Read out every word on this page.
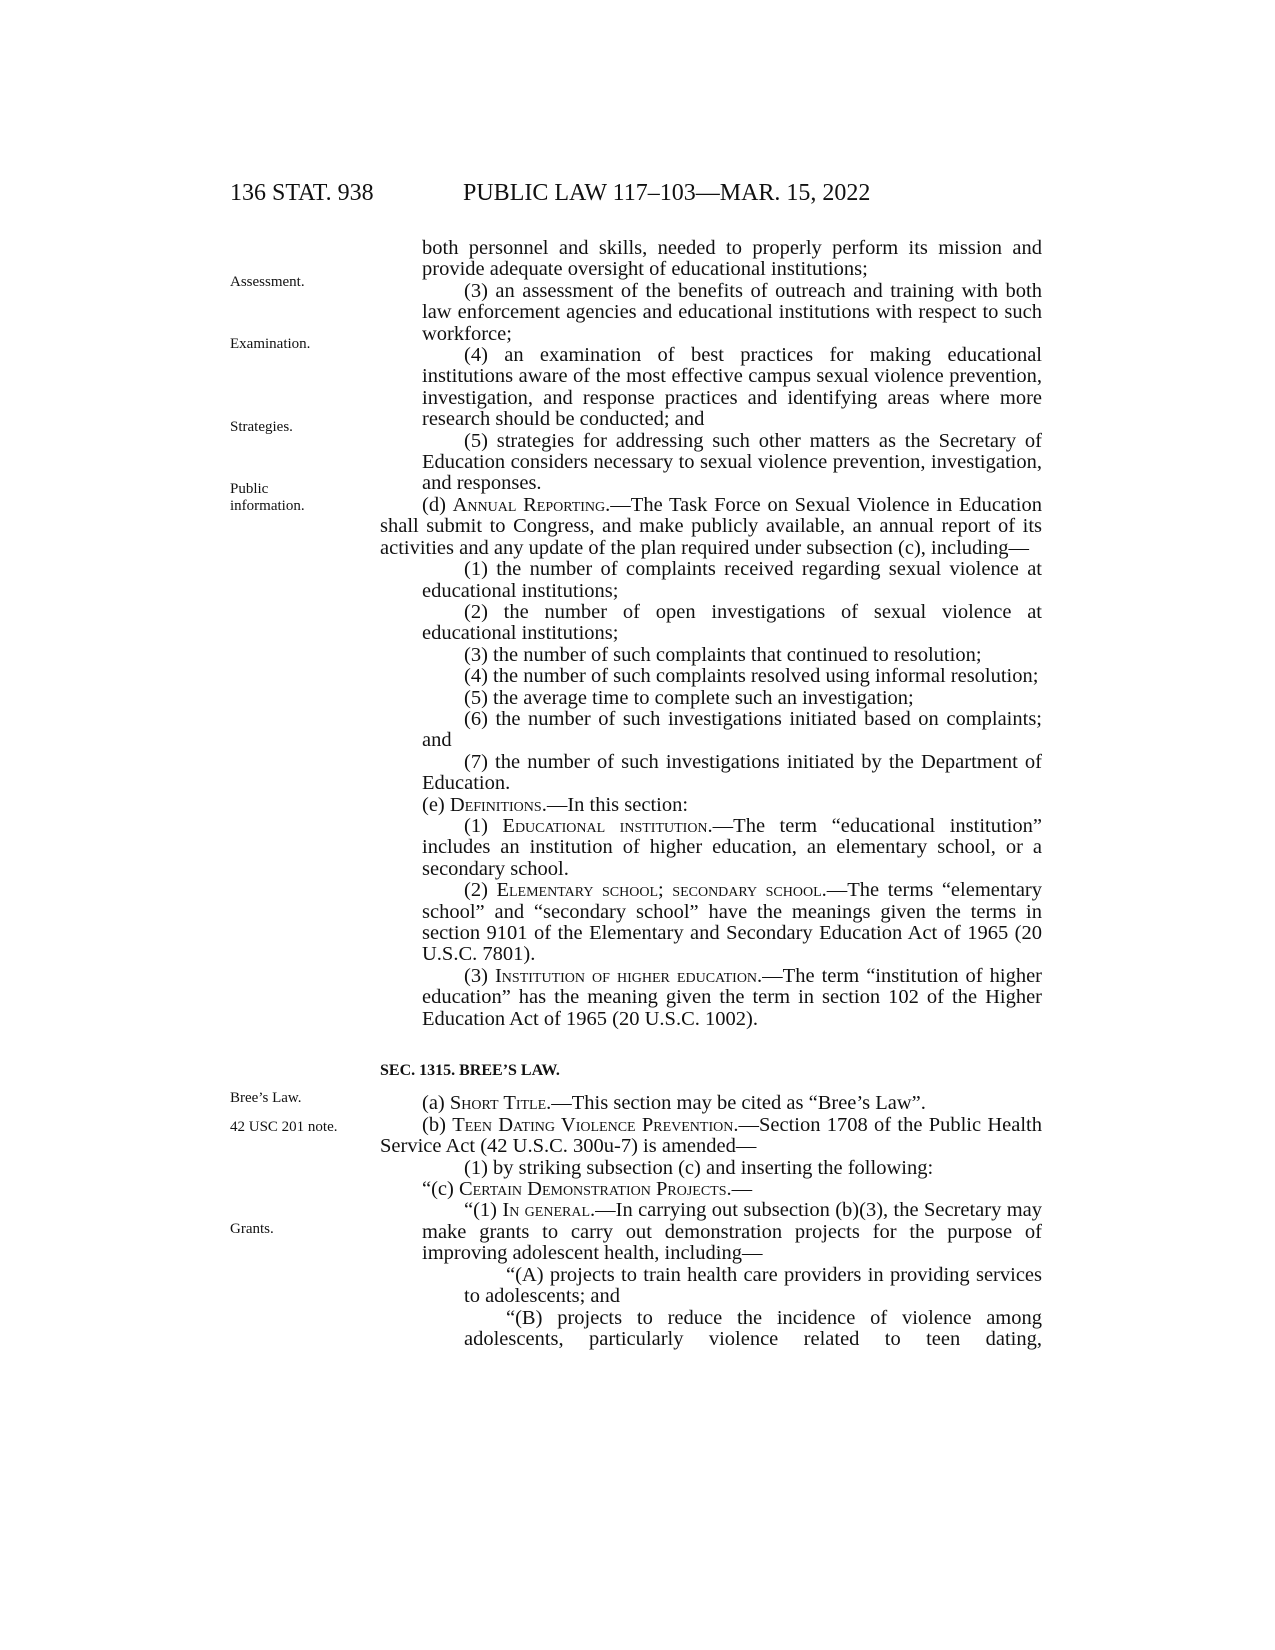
136 STAT. 938	PUBLIC LAW 117–103—MAR. 15, 2022
Assessment.
Examination.
Strategies.
Public information.
Bree’s Law.
42 USC 201 note.
Grants.
both personnel and skills, needed to properly perform its mission and provide adequate oversight of educational institutions;
(3) an assessment of the benefits of outreach and training with both law enforcement agencies and educational institutions with respect to such workforce;
(4) an examination of best practices for making educational institutions aware of the most effective campus sexual violence prevention, investigation, and response practices and identifying areas where more research should be conducted; and
(5) strategies for addressing such other matters as the Secretary of Education considers necessary to sexual violence prevention, investigation, and responses.
(d) Annual Reporting.—The Task Force on Sexual Violence in Education shall submit to Congress, and make publicly available, an annual report of its activities and any update of the plan required under subsection (c), including—
(1) the number of complaints received regarding sexual violence at educational institutions;
(2) the number of open investigations of sexual violence at educational institutions;
(3) the number of such complaints that continued to resolution;
(4) the number of such complaints resolved using informal resolution;
(5) the average time to complete such an investigation;
(6) the number of such investigations initiated based on complaints; and
(7) the number of such investigations initiated by the Department of Education.
(e) Definitions.—In this section:
(1) Educational institution.—The term “educational institution” includes an institution of higher education, an elementary school, or a secondary school.
(2) Elementary school; secondary school.—The terms “elementary school” and “secondary school” have the meanings given the terms in section 9101 of the Elementary and Secondary Education Act of 1965 (20 U.S.C. 7801).
(3) Institution of higher education.—The term “institution of higher education” has the meaning given the term in section 102 of the Higher Education Act of 1965 (20 U.S.C. 1002).
SEC. 1315. BREE’S LAW.
(a) Short Title.—This section may be cited as “Bree’s Law”.
(b) Teen Dating Violence Prevention.—Section 1708 of the Public Health Service Act (42 U.S.C. 300u-7) is amended—
(1) by striking subsection (c) and inserting the following:
“(c) Certain Demonstration Projects.—
“(1) In general.—In carrying out subsection (b)(3), the Secretary may make grants to carry out demonstration projects for the purpose of improving adolescent health, including—
“(A) projects to train health care providers in providing services to adolescents; and
“(B) projects to reduce the incidence of violence among adolescents, particularly violence related to teen dating,
